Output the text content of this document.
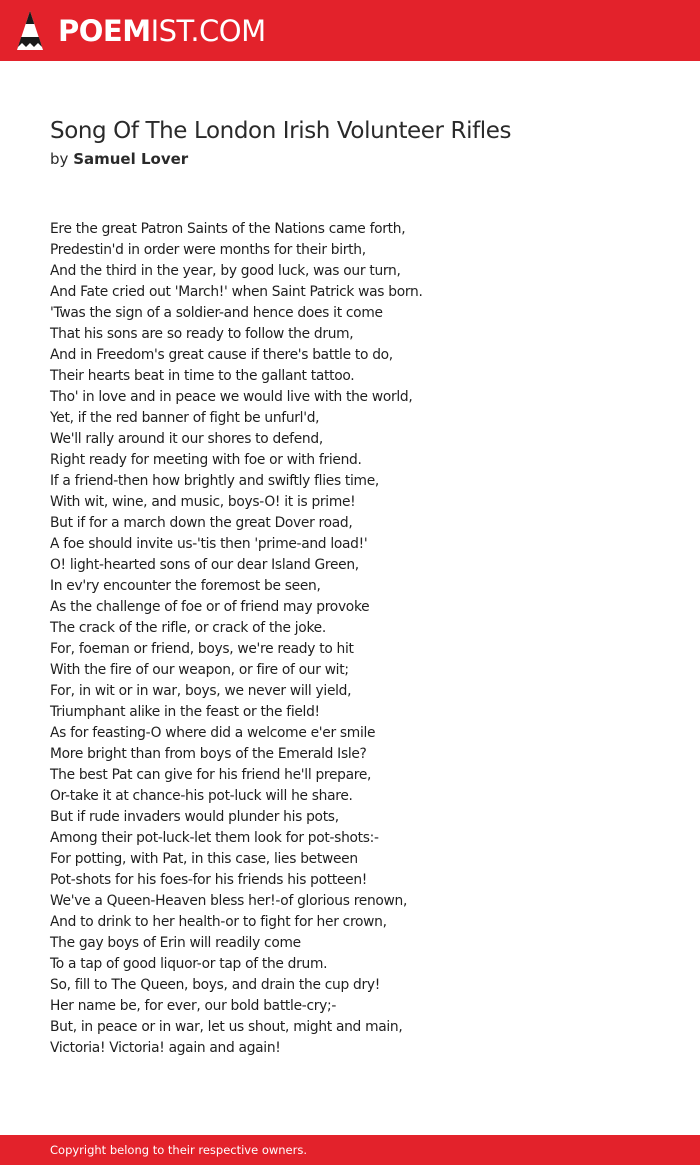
POEMIST.COM
Song Of The London Irish Volunteer Rifles
by Samuel Lover
Ere the great Patron Saints of the Nations came forth,
Predestin'd in order were months for their birth,
And the third in the year, by good luck, was our turn,
And Fate cried out 'March!' when Saint Patrick was born.
'Twas the sign of a soldier-and hence does it come
That his sons are so ready to follow the drum,
And in Freedom's great cause if there's battle to do,
Their hearts beat in time to the gallant tattoo.
Tho' in love and in peace we would live with the world,
Yet, if the red banner of fight be unfurl'd,
We'll rally around it our shores to defend,
Right ready for meeting with foe or with friend.
If a friend-then how brightly and swiftly flies time,
With wit, wine, and music, boys-O! it is prime!
But if for a march down the great Dover road,
A foe should invite us-'tis then 'prime-and load!'
O! light-hearted sons of our dear Island Green,
In ev'ry encounter the foremost be seen,
As the challenge of foe or of friend may provoke
The crack of the rifle, or crack of the joke.
For, foeman or friend, boys, we're ready to hit
With the fire of our weapon, or fire of our wit;
For, in wit or in war, boys, we never will yield,
Triumphant alike in the feast or the field!
As for feasting-O where did a welcome e'er smile
More bright than from boys of the Emerald Isle?
The best Pat can give for his friend he'll prepare,
Or-take it at chance-his pot-luck will he share.
But if rude invaders would plunder his pots,
Among their pot-luck-let them look for pot-shots:-
For potting, with Pat, in this case, lies between
Pot-shots for his foes-for his friends his potteen!
We've a Queen-Heaven bless her!-of glorious renown,
And to drink to her health-or to fight for her crown,
The gay boys of Erin will readily come
To a tap of good liquor-or tap of the drum.
So, fill to The Queen, boys, and drain the cup dry!
Her name be, for ever, our bold battle-cry;-
But, in peace or in war, let us shout, might and main,
Victoria! Victoria! again and again!
Copyright belong to their respective owners.
